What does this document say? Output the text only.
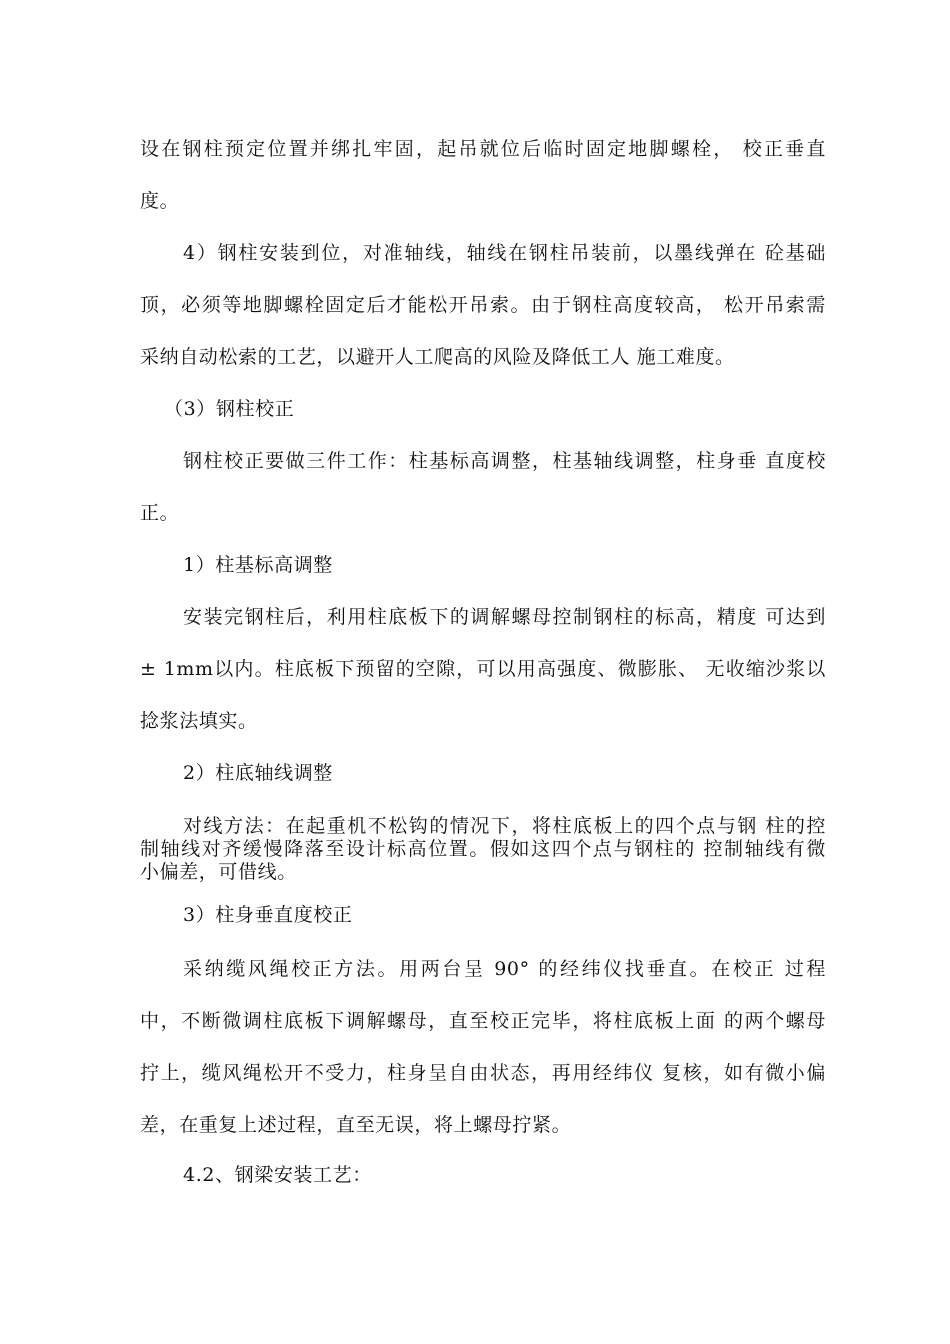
设在钢柱预定位置并绑扎牢固，起吊就位后临时固定地脚螺栓， 校正垂直

度。

4）钢柱安装到位，对准轴线，轴线在钢柱吊装前，以墨线弹在 砼基础

顶，必须等地脚螺栓固定后才能松开吊索。由于钢柱高度较高， 松开吊索需

采纳自动松索的工艺，以避开人工爬高的风险及降低工人 施工难度。

（3）钢柱校正

钢柱校正要做三件工作：柱基标高调整，柱基轴线调整，柱身垂 直度校

正。

1）柱基标高调整

安装完钢柱后，利用柱底板下的调解螺母控制钢柱的标高，精度 可达到

± 1mm以内。柱底板下预留的空隙，可以用高强度、微膨胀、 无收缩沙浆以

捻浆法填实。

2）柱底轴线调整

对线方法：在起重机不松钩的情况下，将柱底板上的四个点与钢 柱的控

制轴线对齐缓慢降落至设计标高位置。假如这四个点与钢柱的 控制轴线有微

小偏差，可借线。

3）柱身垂直度校正

采纳缆风绳校正方法。用两台呈 90° 的经纬仪找垂直。在校正 过程

中，不断微调柱底板下调解螺母，直至校正完毕，将柱底板上面 的两个螺母

拧上，缆风绳松开不受力，柱身呈自由状态，再用经纬仪 复核，如有微小偏

差，在重复上述过程，直至无误，将上螺母拧紧。

4.2、钢梁安装工艺：
